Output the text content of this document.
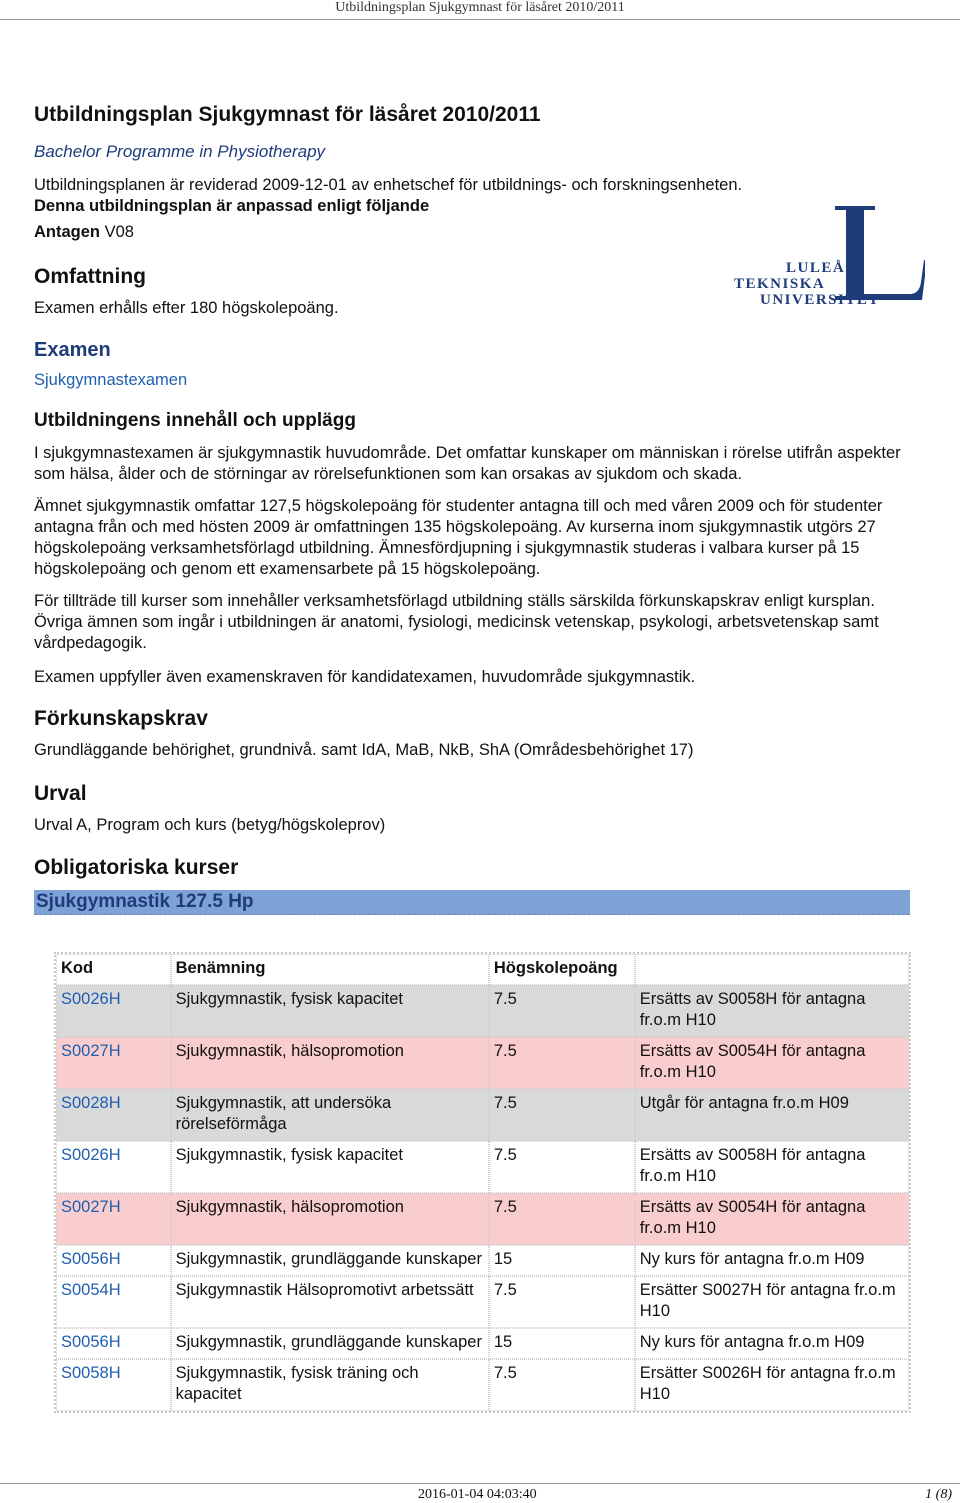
Utbildningsplan Sjukgymnast för läsåret 2010/2011
LULEÅ
TEKNISKA
UNIVERSITET
Utbildningsplan Sjukgymnast för läsåret 2010/2011
Bachelor Programme in Physiotherapy

Utbildningsplanen är reviderad 2009-12-01 av enhetschef för utbildnings- och forskningsenheten.

Denna utbildningsplan är anpassad enligt följande

Antagen V08

Omfattning

Examen erhålls efter 180 högskolepoäng.

Examen

Sjukgymnastexamen

Utbildningens innehåll och upplägg

I sjukgymnastexamen är sjukgymnastik huvudområde. Det omfattar kunskaper om människan i rörelse utifrån aspekter som hälsa, ålder och de störningar av rörelsefunktionen som kan orsakas av sjukdom och skada.

Ämnet sjukgymnastik omfattar 127,5 högskolepoäng för studenter antagna till och med våren 2009 och för studenter antagna från och med hösten 2009 är omfattningen 135 högskolepoäng. Av kurserna inom sjukgymnastik utgörs 27 högskolepoäng verksamhetsförlagd utbildning. Ämnesfördjupning i sjukgymnastik studeras i valbara kurser på 15 högskolepoäng och genom ett examensarbete på 15 högskolepoäng.

För tillträde till kurser som innehåller verksamhetsförlagd utbildning ställs särskilda förkunskapskrav enligt kursplan. Övriga ämnen som ingår i utbildningen är anatomi, fysiologi, medicinsk vetenskap, psykologi, arbetsvetenskap samt vårdpedagogik.

Examen uppfyller även examenskraven för kandidatexamen, huvudområde sjukgymnastik.

Förkunskapskrav

Grundläggande behörighet, grundnivå. samt IdA, MaB, NkB, ShA (Områdesbehörighet 17)

Urval

Urval A, Program och kurs (betyg/högskoleprov)

Obligatoriska kurser
Sjukgymnastik 127.5 Hp
Kod	Benämning	Högskolepoäng	
S0026H	Sjukgymnastik, fysisk kapacitet	7.5	Ersätts av S0058H för antagna fr.o.m H10
S0027H	Sjukgymnastik, hälsopromotion	7.5	Ersätts av S0054H för antagna fr.o.m H10
S0028H	Sjukgymnastik, att undersöka rörelseförmåga	7.5	Utgår för antagna fr.o.m H09
S0026H	Sjukgymnastik, fysisk kapacitet	7.5	Ersätts av S0058H för antagna fr.o.m H10
S0027H	Sjukgymnastik, hälsopromotion	7.5	Ersätts av S0054H för antagna fr.o.m H10
S0056H	Sjukgymnastik, grundläggande kunskaper	15	Ny kurs för antagna fr.o.m H09
S0054H	Sjukgymnastik Hälsopromotivt arbetssätt	7.5	Ersätter S0027H för antagna fr.o.m H10
S0056H	Sjukgymnastik, grundläggande kunskaper	15	Ny kurs för antagna fr.o.m H09
S0058H	Sjukgymnastik, fysisk träning och kapacitet	7.5	Ersätter S0026H för antagna fr.o.m H10
2016-01-04 04:03:40	1 (8)
